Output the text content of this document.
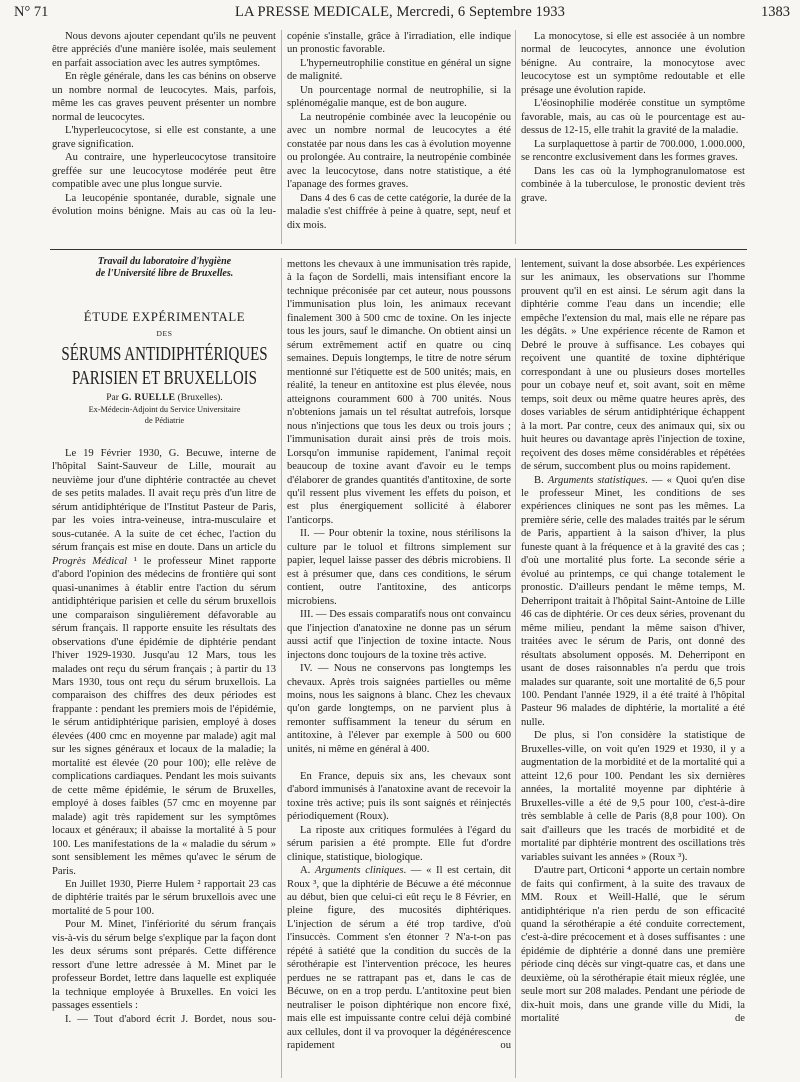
N° 71	LA PRESSE MEDICALE, Mercredi, 6 Septembre 1933	1383

Nous devons ajouter cependant qu'ils ne peuvent être appréciés d'une manière isolée, mais seulement en parfait association avec les autres symptômes.

En règle générale, dans les cas bénins on observe un nombre normal de leucocytes. Mais, parfois, même les cas graves peuvent présenter un nombre normal de leucocytes.

L'hyperleucocytose, si elle est constante, a une grave signification.

Au contraire, une hyperleucocytose transitoire greffée sur une leucocytose modérée peut être compatible avec une plus longue survie.

La leucopénie spontanée, durable, signale une évolution moins bénigne. Mais au cas où la leu-

copénie s'installe, grâce à l'irradiation, elle indique un pronostic favorable.

L'hyperneutrophilie constitue en général un signe de malignité.

Un pourcentage normal de neutrophilie, si la splénomégalie manque, est de bon augure.

La neutropénie combinée avec la leucopénie ou avec un nombre normal de leucocytes a été constatée par nous dans les cas à évolution moyenne ou prolongée. Au contraire, la neutropénie combinée avec la leucocytose, dans notre statistique, a été l'apanage des formes graves.

Dans 4 des 6 cas de cette catégorie, la durée de la maladie s'est chiffrée à peine à quatre, sept, neuf et dix mois.

La monocytose, si elle est associée à un nombre normal de leucocytes, annonce une évolution bénigne. Au contraire, la monocytose avec leucocytose est un symptôme redoutable et elle présage une évolution rapide.

L'éosinophilie modérée constitue un symptôme favorable, mais, au cas où le pourcentage est au-dessus de 12-15, elle trahit la gravité de la maladie.

La surplaquettose à partir de 700.000, 1.000.000, se rencontre exclusivement dans les formes graves.

Dans les cas où la lymphogranulomatose est combinée à la tuberculose, le pronostic devient très grave.

Travail du laboratoire d'hygiène
de l'Université libre de Bruxelles.
ÉTUDE EXPÉRIMENTALE
DES
SÉRUMS ANTIDIPHTÉRIQUES
PARISIEN ET BRUXELLOIS
Par G. RUELLE (Bruxelles).
Ex-Médecin-Adjoint du Service Universitaire
de Pédiatrie

Le 19 Février 1930, G. Becuwe, interne de l'hôpital Saint-Sauveur de Lille, mourait au neuvième jour d'une diphtérie contractée au chevet de ses petits malades. Il avait reçu près d'un litre de sérum antidiphtérique de l'Institut Pasteur de Paris, par les voies intra-veineuse, intra-musculaire et sous-cutanée. A la suite de cet échec, l'action du sérum français est mise en doute. Dans un article du Progrès Médical ¹ le professeur Minet rapporte d'abord l'opinion des médecins de frontière qui sont quasi-unanimes à établir entre l'action du sérum antidiphtérique parisien et celle du sérum bruxellois une comparaison singulièrement défavorable au sérum français. Il rapporte ensuite les résultats des observations d'une épidémie de diphtérie pendant l'hiver 1929-1930. Jusqu'au 12 Mars, tous les malades ont reçu du sérum français ; à partir du 13 Mars 1930, tous ont reçu du sérum bruxellois. La comparaison des chiffres des deux périodes est frappante : pendant les premiers mois de l'épidémie, le sérum antidiphtérique parisien, employé à doses élevées (400 cmc en moyenne par malade) agit mal sur les signes généraux et locaux de la maladie; la mortalité est élevée (20 pour 100); elle relève de complications cardiaques. Pendant les mois suivants de cette même épidémie, le sérum de Bruxelles, employé à doses faibles (57 cmc en moyenne par malade) agit très rapidement sur les symptômes locaux et généraux; il abaisse la mortalité à 5 pour 100. Les manifestations de la « maladie du sérum » sont sensiblement les mêmes qu'avec le sérum de Paris.

En Juillet 1930, Pierre Hulem ² rapportait 23 cas de diphtérie traités par le sérum bruxellois avec une mortalité de 5 pour 100.

Pour M. Minet, l'infériorité du sérum français vis-à-vis du sérum belge s'explique par la façon dont les deux sérums sont préparés. Cette différence ressort d'une lettre adressée à M. Minet par le professeur Bordet, lettre dans laquelle est expliquée la technique employée à Bruxelles. En voici les passages essentiels :

I. — Tout d'abord écrit J. Bordet, nous sou-

mettons les chevaux à une immunisation très rapide, à la façon de Sordelli, mais intensifiant encore la technique préconisée par cet auteur, nous poussons l'immunisation plus loin, les animaux recevant finalement 300 à 500 cmc de toxine. On les injecte tous les jours, sauf le dimanche. On obtient ainsi un sérum extrêmement actif en quatre ou cinq semaines. Depuis longtemps, le titre de notre sérum mentionné sur l'étiquette est de 500 unités; mais, en réalité, la teneur en antitoxine est plus élevée, nous atteignons couramment 600 à 700 unités. Nous n'obtenions jamais un tel résultat autrefois, lorsque nous n'injections que tous les deux ou trois jours ; l'immunisation durait ainsi près de trois mois. Lorsqu'on immunise rapidement, l'animal reçoit beaucoup de toxine avant d'avoir eu le temps d'élaborer de grandes quantités d'antitoxine, de sorte qu'il ressent plus vivement les effets du poison, et est plus énergiquement sollicité à élaborer l'anticorps.

II. — Pour obtenir la toxine, nous stérilisons la culture par le toluol et filtrons simplement sur papier, lequel laisse passer des débris microbiens. Il est à présumer que, dans ces conditions, le sérum contient, outre l'antitoxine, des anticorps microbiens.

III. — Des essais comparatifs nous ont convaincu que l'injection d'anatoxine ne donne pas un sérum aussi actif que l'injection de toxine intacte. Nous injectons donc toujours de la toxine très active.

IV. — Nous ne conservons pas longtemps les chevaux. Après trois saignées partielles ou même moins, nous les saignons à blanc. Chez les chevaux qu'on garde longtemps, on ne parvient plus à remonter suffisamment la teneur du sérum en antitoxine, à l'élever par exemple à 500 ou 600 unités, ni même en général à 400.

En France, depuis six ans, les chevaux sont d'abord immunisés à l'anatoxine avant de recevoir la toxine très active; puis ils sont saignés et réinjectés périodiquement (Roux).

La riposte aux critiques formulées à l'égard du sérum parisien a été prompte. Elle fut d'ordre clinique, statistique, biologique.

A. Arguments cliniques. — « Il est certain, dit Roux ³, que la diphtérie de Bécuwe a été méconnue au début, bien que celui-ci eût reçu le 8 Février, en pleine figure, des mucosités diphtériques. L'injection de sérum a été trop tardive, d'où l'insuccès. Comment s'en étonner ? N'a-t-on pas répété à satiété que la condition du succès de la sérothérapie est l'intervention précoce, les heures perdues ne se rattrapant pas et, dans le cas de Bécuwe, on en a trop perdu. L'antitoxine peut bien neutraliser le poison diphtérique non encore fixé, mais elle est impuissante contre celui déjà combiné aux cellules, dont il va provoquer la dégénérescence rapidement ou

lentement, suivant la dose absorbée. Les expériences sur les animaux, les observations sur l'homme prouvent qu'il en est ainsi. Le sérum agit dans la diphtérie comme l'eau dans un incendie; elle empêche l'extension du mal, mais elle ne répare pas les dégâts. » Une expérience récente de Ramon et Debré le prouve à suffisance. Les cobayes qui reçoivent une quantité de toxine diphtérique correspondant à une ou plusieurs doses mortelles pour un cobaye neuf et, soit avant, soit en même temps, soit deux ou même quatre heures après, des doses variables de sérum antidiphtérique échappent à la mort. Par contre, ceux des animaux qui, six ou huit heures ou davantage après l'injection de toxine, reçoivent des doses même considérables et répétées de sérum, succombent plus ou moins rapidement.

B. Arguments statistiques. — « Quoi qu'en dise le professeur Minet, les conditions de ses expériences cliniques ne sont pas les mêmes. La première série, celle des malades traités par le sérum de Paris, appartient à la saison d'hiver, la plus funeste quant à la fréquence et à la gravité des cas ; d'où une mortalité plus forte. La seconde série a évolué au printemps, ce qui change totalement le pronostic. D'ailleurs pendant le même temps, M. Deherripont traitait à l'hôpital Saint-Antoine de Lille 46 cas de diphtérie. Or ces deux séries, provenant du même milieu, pendant la même saison d'hiver, traitées avec le sérum de Paris, ont donné des résultats absolument opposés. M. Deherripont en usant de doses raisonnables n'a perdu que trois malades sur quarante, soit une mortalité de 6,5 pour 100. Pendant l'année 1929, il a été traité à l'hôpital Pasteur 96 malades de diphtérie, la mortalité a été nulle.

De plus, si l'on considère la statistique de Bruxelles-ville, on voit qu'en 1929 et 1930, il y a augmentation de la morbidité et de la mortalité qui a atteint 12,6 pour 100. Pendant les six dernières années, la mortalité moyenne par diphtérie à Bruxelles-ville a été de 9,5 pour 100, c'est-à-dire très semblable à celle de Paris (8,8 pour 100). On sait d'ailleurs que les tracés de morbidité et de mortalité par diphtérie montrent des oscillations très variables suivant les années » (Roux ³).

D'autre part, Orticoni ⁴ apporte un certain nombre de faits qui confirment, à la suite des travaux de MM. Roux et Weill-Hallé, que le sérum antidiphtérique n'a rien perdu de son efficacité quand la sérothérapie a été conduite correctement, c'est-à-dire précocement et à doses suffisantes : une épidémie de diphtérie a donné dans une première période cinq décès sur vingt-quatre cas, et dans une deuxième, où la sérothérapie était mieux réglée, une seule mort sur 208 malades. Pendant une période de dix-huit mois, dans une grande ville du Midi, la mortalité de
